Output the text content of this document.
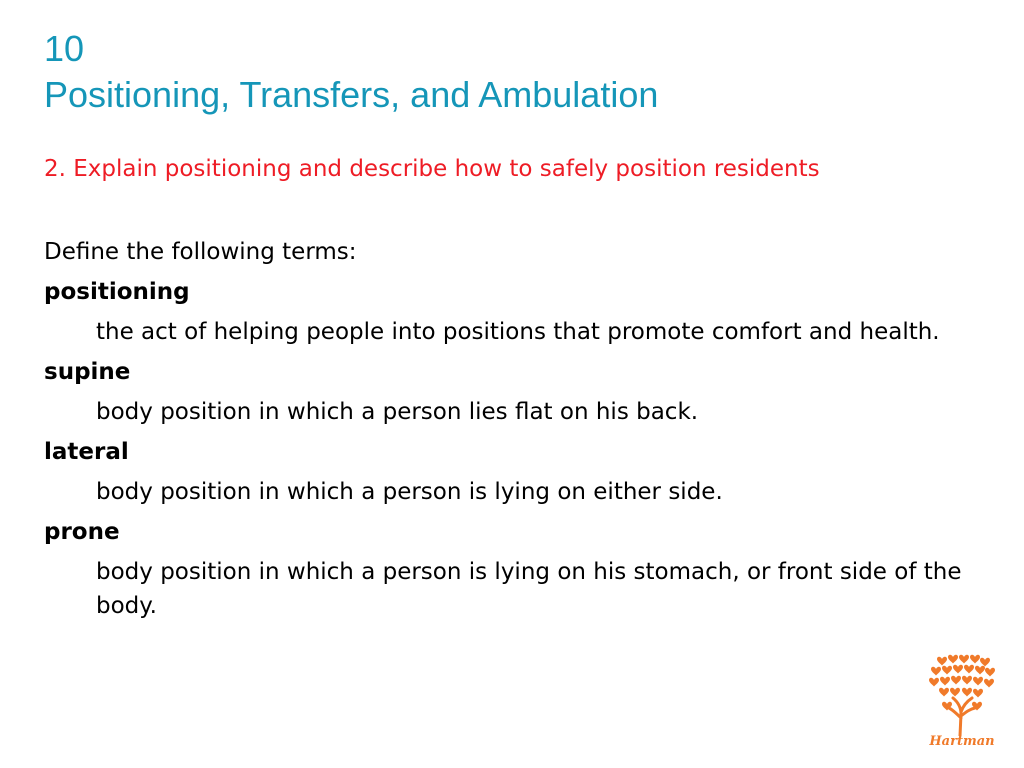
10
Positioning, Transfers, and Ambulation
2. Explain positioning and describe how to safely position residents
Define the following terms:
positioning
the act of helping people into positions that promote comfort and health.
supine
body position in which a person lies flat on his back.
lateral
body position in which a person is lying on either side.
prone
body position in which a person is lying on his stomach, or front side of the body.
Hartman
